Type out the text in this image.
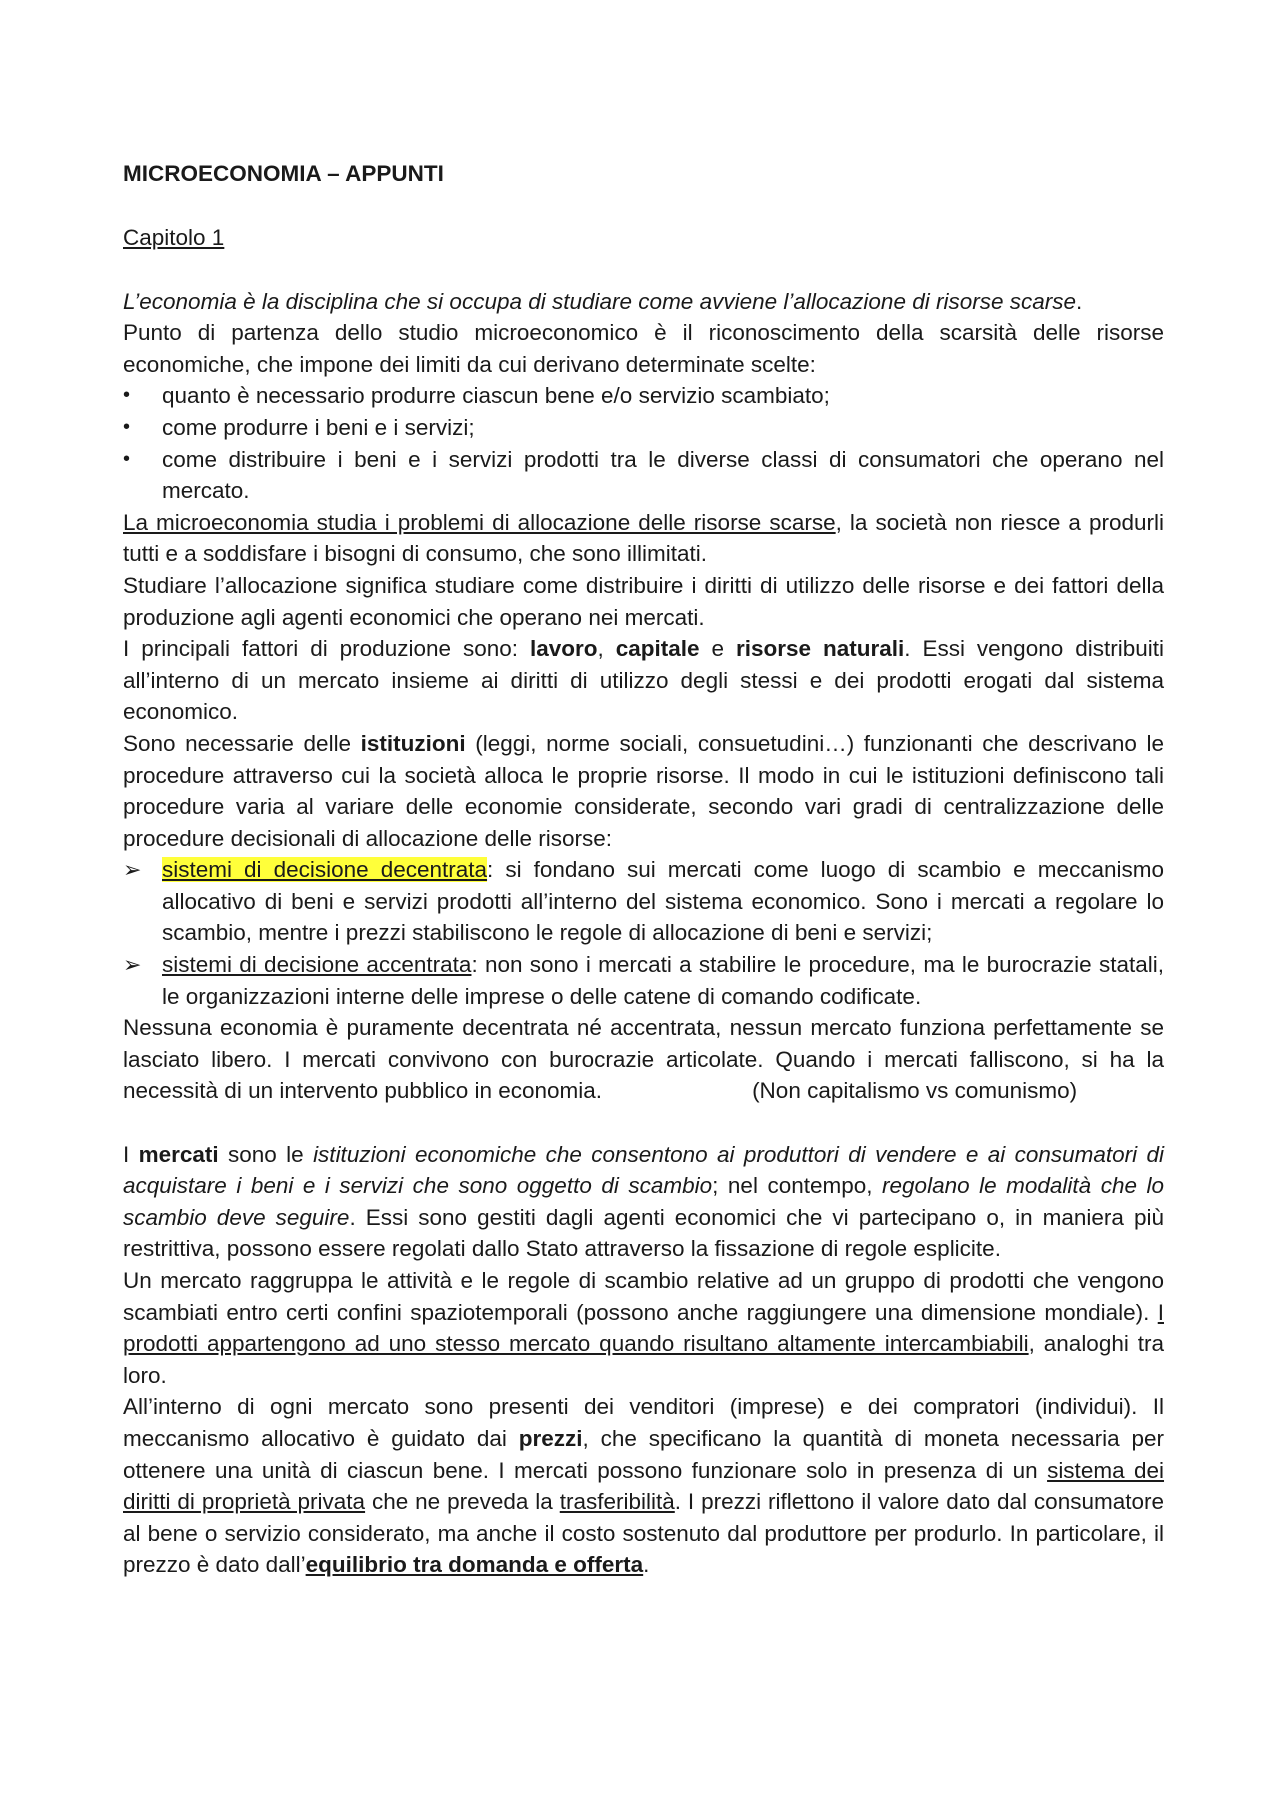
MICROECONOMIA – APPUNTI
Capitolo 1

L’economia è la disciplina che si occupa di studiare come avviene l’allocazione di risorse scarse.

Punto di partenza dello studio microeconomico è il riconoscimento della scarsità delle risorse economiche, che impone dei limiti da cui derivano determinate scelte:

•	quanto è necessario produrre ciascun bene e/o servizio scambiato;
•	come produrre i beni e i servizi;
•	come distribuire i beni e i servizi prodotti tra le diverse classi di consumatori che operano nel mercato.

La microeconomia studia i problemi di allocazione delle risorse scarse, la società non riesce a produrli tutti e a soddisfare i bisogni di consumo, che sono illimitati.

Studiare l’allocazione significa studiare come distribuire i diritti di utilizzo delle risorse e dei fattori della produzione agli agenti economici che operano nei mercati.

I principali fattori di produzione sono: lavoro, capitale e risorse naturali. Essi vengono distribuiti all’interno di un mercato insieme ai diritti di utilizzo degli stessi e dei prodotti erogati dal sistema economico.

Sono necessarie delle istituzioni (leggi, norme sociali, consuetudini…) funzionanti che descrivano le procedure attraverso cui la società alloca le proprie risorse. Il modo in cui le istituzioni definiscono tali procedure varia al variare delle economie considerate, secondo vari gradi di centralizzazione delle procedure decisionali di allocazione delle risorse:

➢ sistemi di decisione decentrata: si fondano sui mercati come luogo di scambio e meccanismo allocativo di beni e servizi prodotti all’interno del sistema economico. Sono i mercati a regolare lo scambio, mentre i prezzi stabiliscono le regole di allocazione di beni e servizi;
➢ sistemi di decisione accentrata: non sono i mercati a stabilire le procedure, ma le burocrazie statali, le organizzazioni interne delle imprese o delle catene di comando codificate.

Nessuna economia è puramente decentrata né accentrata, nessun mercato funziona perfettamente se lasciato libero. I mercati convivono con burocrazie articolate. Quando i mercati falliscono, si ha la necessità di un intervento pubblico in economia.	(Non capitalismo vs comunismo)

I mercati sono le istituzioni economiche che consentono ai produttori di vendere e ai consumatori di acquistare i beni e i servizi che sono oggetto di scambio; nel contempo, regolano le modalità che lo scambio deve seguire. Essi sono gestiti dagli agenti economici che vi partecipano o, in maniera più restrittiva, possono essere regolati dallo Stato attraverso la fissazione di regole esplicite.

Un mercato raggruppa le attività e le regole di scambio relative ad un gruppo di prodotti che vengono scambiati entro certi confini spaziotemporali (possono anche raggiungere una dimensione mondiale). I prodotti appartengono ad uno stesso mercato quando risultano altamente intercambiabili, analoghi tra loro.

All’interno di ogni mercato sono presenti dei venditori (imprese) e dei compratori (individui). Il meccanismo allocativo è guidato dai prezzi, che specificano la quantità di moneta necessaria per ottenere una unità di ciascun bene. I mercati possono funzionare solo in presenza di un sistema dei diritti di proprietà privata che ne preveda la trasferibilità. I prezzi riflettono il valore dato dal consumatore al bene o servizio considerato, ma anche il costo sostenuto dal produttore per produrlo. In particolare, il prezzo è dato dall’equilibrio tra domanda e offerta.
